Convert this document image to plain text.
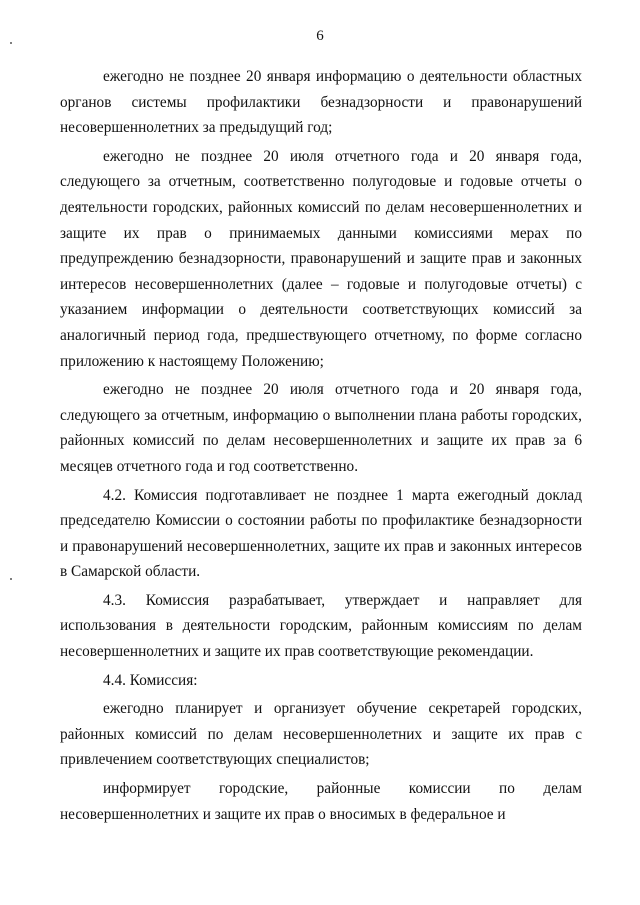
6

ежегодно не позднее 20 января информацию о деятельности областных органов системы профилактики безнадзорности и правонарушений несовершеннолетних за предыдущий год;

ежегодно не позднее 20 июля отчетного года и 20 января года, следующего за отчетным, соответственно полугодовые и годовые отчеты о деятельности городских, районных комиссий по делам несовершеннолетних и защите их прав о принимаемых данными комиссиями мерах по предупреждению безнадзорности, правонарушений и защите прав и законных интересов несовершеннолетних (далее – годовые и полугодовые отчеты) с указанием информации о деятельности соответствующих комиссий за аналогичный период года, предшествующего отчетному, по форме согласно приложению к настоящему Положению;

ежегодно не позднее 20 июля отчетного года и 20 января года, следующего за отчетным, информацию о выполнении плана работы городских, районных комиссий по делам несовершеннолетних и защите их прав за 6 месяцев отчетного года и год соответственно.

4.2. Комиссия подготавливает не позднее 1 марта ежегодный доклад председателю Комиссии о состоянии работы по профилактике безнадзорности и правонарушений несовершеннолетних, защите их прав и законных интересов в Самарской области.

4.3. Комиссия разрабатывает, утверждает и направляет для использования в деятельности городским, районным комиссиям по делам несовершеннолетних и защите их прав соответствующие рекомендации.

4.4. Комиссия:

ежегодно планирует и организует обучение секретарей городских, районных комиссий по делам несовершеннолетних и защите их прав с привлечением соответствующих специалистов;

информирует городские, районные комиссии по делам несовершеннолетних и защите их прав о вносимых в федеральное и
